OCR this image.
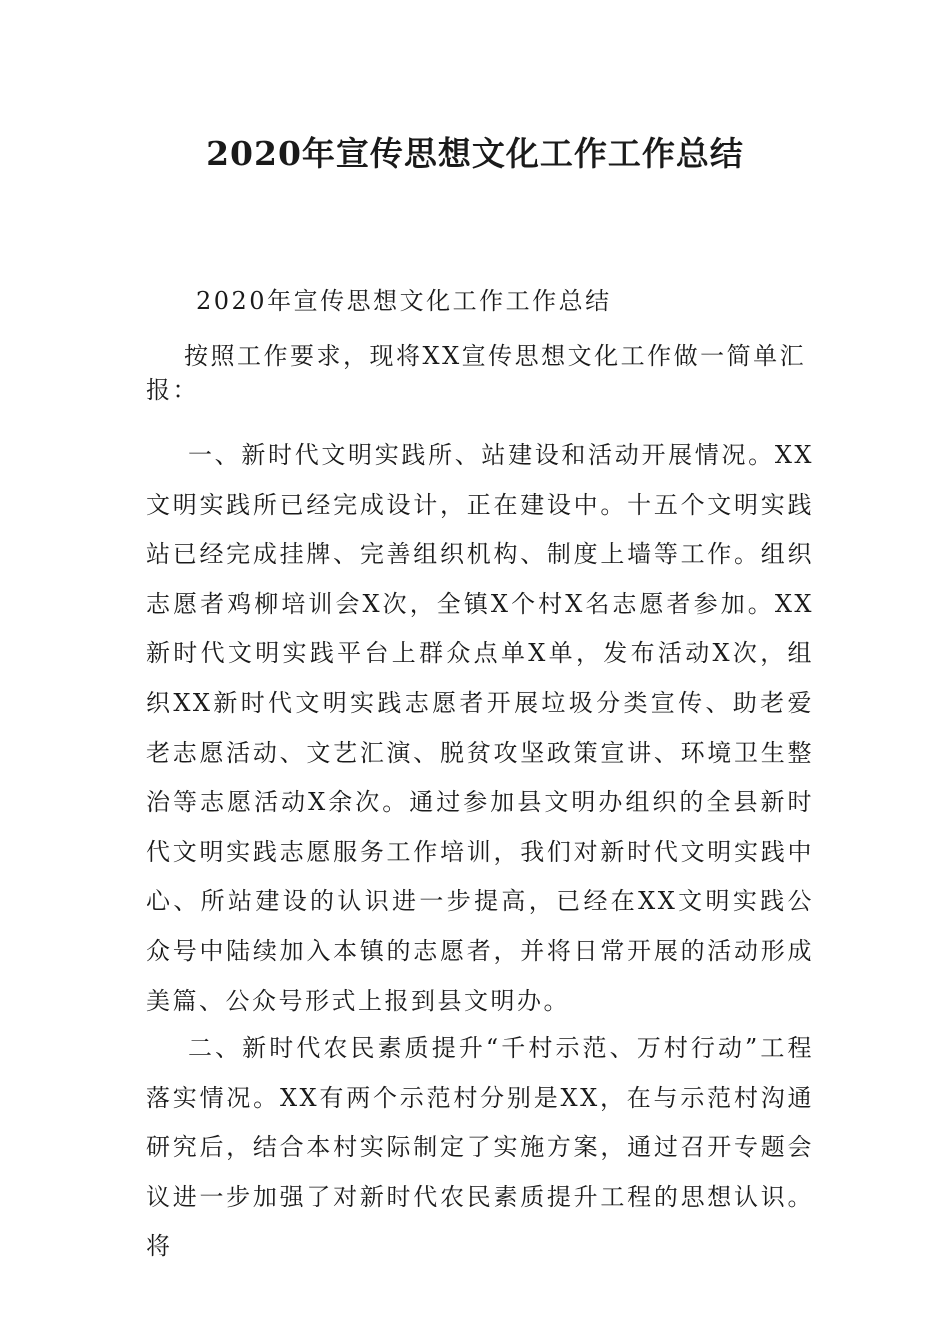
2020年宣传思想文化工作工作总结

2020年宣传思想文化工作工作总结

按照工作要求，现将XX宣传思想文化工作做一简单汇报：

一、新时代文明实践所、站建设和活动开展情况。XX文明实践所已经完成设计，正在建设中。十五个文明实践站已经完成挂牌、完善组织机构、制度上墙等工作。组织志愿者鸡柳培训会X次，全镇X个村X名志愿者参加。XX新时代文明实践平台上群众点单X单，发布活动X次，组织XX新时代文明实践志愿者开展垃圾分类宣传、助老爱老志愿活动、文艺汇演、脱贫攻坚政策宣讲、环境卫生整治等志愿活动X余次。通过参加县文明办组织的全县新时代文明实践志愿服务工作培训，我们对新时代文明实践中心、所站建设的认识进一步提高，已经在XX文明实践公众号中陆续加入本镇的志愿者，并将日常开展的活动形成美篇、公众号形式上报到县文明办。

二、新时代农民素质提升“千村示范、万村行动”工程落实情况。XX有两个示范村分别是XX，在与示范村沟通研究后，结合本村实际制定了实施方案，通过召开专题会议进一步加强了对新时代农民素质提升工程的思想认识。将
